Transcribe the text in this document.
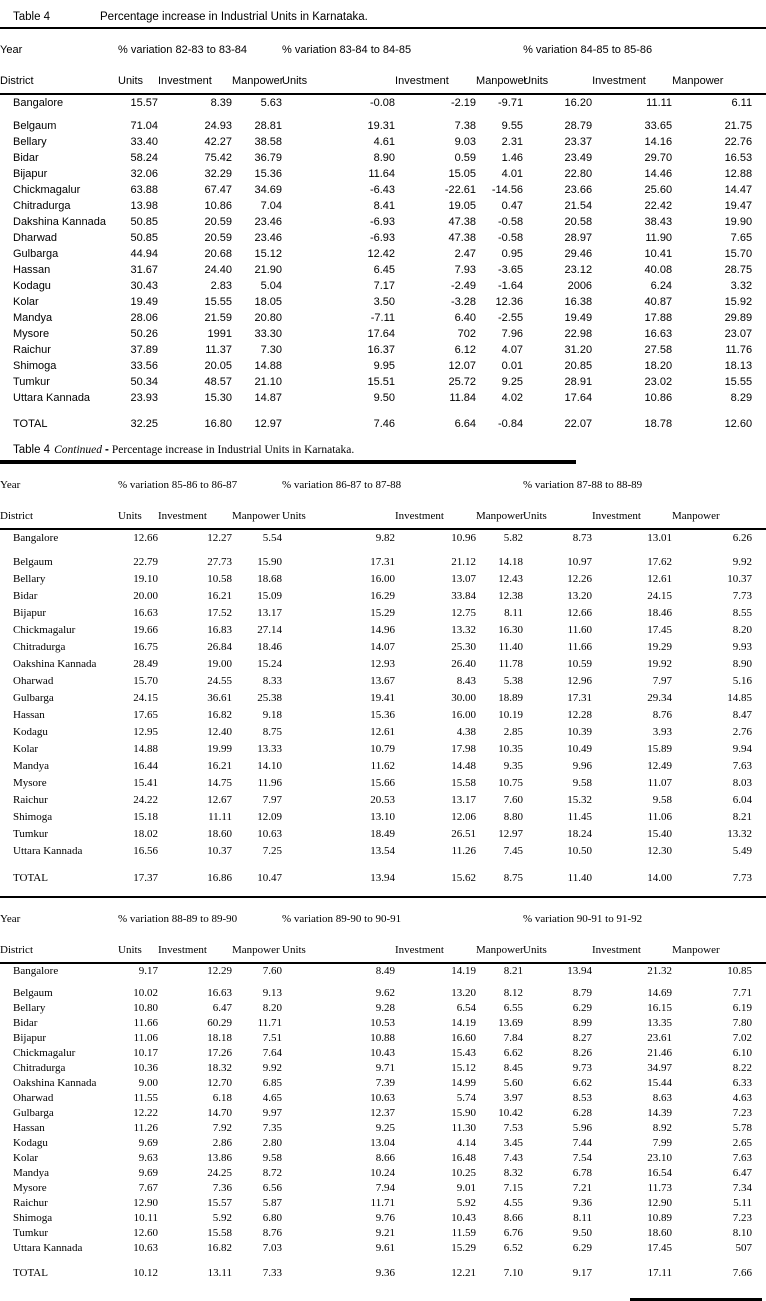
Table 4	Percentage increase in Industrial Units in Karnataka.
Year	% variation 82-83 to 83-84			% variation 83-84 to 84-85			% variation 84-85 to 85-86		
District	Units	Investment	Manpower	Units	Investment	Manpower	Units	Investment	Manpower
Bangalore	15.57	8.39	5.63	-0.08	-2.19	-9.71	16.20	11.11	6.11
Belgaum	71.04	24.93	28.81	19.31	7.38	9.55	28.79	33.65	21.75
Bellary	33.40	42.27	38.58	4.61	9.03	2.31	23.37	14.16	22.76
Bidar	58.24	75.42	36.79	8.90	0.59	1.46	23.49	29.70	16.53
Bijapur	32.06	32.29	15.36	11.64	15.05	4.01	22.80	14.46	12.88
Chickmagalur	63.88	67.47	34.69	-6.43	-22.61	-14.56	23.66	25.60	14.47
Chitradurga	13.98	10.86	7.04	8.41	19.05	0.47	21.54	22.42	19.47
Dakshina Kannada	50.85	20.59	23.46	-6.93	47.38	-0.58	20.58	38.43	19.90
Dharwad	50.85	20.59	23.46	-6.93	47.38	-0.58	28.97	11.90	7.65
Gulbarga	44.94	20.68	15.12	12.42	2.47	0.95	29.46	10.41	15.70
Hassan	31.67	24.40	21.90	6.45	7.93	-3.65	23.12	40.08	28.75
Kodagu	30.43	2.83	5.04	7.17	-2.49	-1.64	2006	6.24	3.32
Kolar	19.49	15.55	18.05	3.50	-3.28	12.36	16.38	40.87	15.92
Mandya	28.06	21.59	20.80	-7.11	6.40	-2.55	19.49	17.88	29.89
Mysore	50.26	1991	33.30	17.64	702	7.96	22.98	16.63	23.07
Raichur	37.89	11.37	7.30	16.37	6.12	4.07	31.20	27.58	11.76
Shimoga	33.56	20.05	14.88	9.95	12.07	0.01	20.85	18.20	18.13
Tumkur	50.34	48.57	21.10	15.51	25.72	9.25	28.91	23.02	15.55
Uttara Kannada	23.93	15.30	14.87	9.50	11.84	4.02	17.64	10.86	8.29
TOTAL	32.25	16.80	12.97	7.46	6.64	-0.84	22.07	18.78	12.60
Table 4 Continued - Percentage increase in Industrial Units in Karnataka.
Year	% variation 85-86 to 86-87			% variation 86-87 to 87-88			% variation 87-88 to 88-89		
District	Units	Investment	Manpower	Units	Investment	Manpower	Units	Investment	Manpower
Bangalore	12.66	12.27	5.54	9.82	10.96	5.82	8.73	13.01	6.26
Belgaum	22.79	27.73	15.90	17.31	21.12	14.18	10.97	17.62	9.92
Bellary	19.10	10.58	18.68	16.00	13.07	12.43	12.26	12.61	10.37
Bidar	20.00	16.21	15.09	16.29	33.84	12.38	13.20	24.15	7.73
Bijapur	16.63	17.52	13.17	15.29	12.75	8.11	12.66	18.46	8.55
Chickmagalur	19.66	16.83	27.14	14.96	13.32	16.30	11.60	17.45	8.20
Chitradurga	16.75	26.84	18.46	14.07	25.30	11.40	11.66	19.29	9.93
Oakshina Kannada	28.49	19.00	15.24	12.93	26.40	11.78	10.59	19.92	8.90
Oharwad	15.70	24.55	8.33	13.67	8.43	5.38	12.96	7.97	5.16
Gulbarga	24.15	36.61	25.38	19.41	30.00	18.89	17.31	29.34	14.85
Hassan	17.65	16.82	9.18	15.36	16.00	10.19	12.28	8.76	8.47
Kodagu	12.95	12.40	8.75	12.61	4.38	2.85	10.39	3.93	2.76
Kolar	14.88	19.99	13.33	10.79	17.98	10.35	10.49	15.89	9.94
Mandya	16.44	16.21	14.10	11.62	14.48	9.35	9.96	12.49	7.63
Mysore	15.41	14.75	11.96	15.66	15.58	10.75	9.58	11.07	8.03
Raichur	24.22	12.67	7.97	20.53	13.17	7.60	15.32	9.58	6.04
Shimoga	15.18	11.11	12.09	13.10	12.06	8.80	11.45	11.06	8.21
Tumkur	18.02	18.60	10.63	18.49	26.51	12.97	18.24	15.40	13.32
Uttara Kannada	16.56	10.37	7.25	13.54	11.26	7.45	10.50	12.30	5.49
TOTAL	17.37	16.86	10.47	13.94	15.62	8.75	11.40	14.00	7.73
Year	% variation 88-89 to 89-90			% variation 89-90 to 90-91			% variation 90-91 to 91-92		
District	Units	Investment	Manpower	Units	Investment	Manpower	Units	Investment	Manpower
Bangalore	9.17	12.29	7.60	8.49	14.19	8.21	13.94	21.32	10.85
Belgaum	10.02	16.63	9.13	9.62	13.20	8.12	8.79	14.69	7.71
Bellary	10.80	6.47	8.20	9.28	6.54	6.55	6.29	16.15	6.19
Bidar	11.66	60.29	11.71	10.53	14.19	13.69	8.99	13.35	7.80
Bijapur	11.06	18.18	7.51	10.88	16.60	7.84	8.27	23.61	7.02
Chickmagalur	10.17	17.26	7.64	10.43	15.43	6.62	8.26	21.46	6.10
Chitradurga	10.36	18.32	9.92	9.71	15.12	8.45	9.73	34.97	8.22
Oakshina Kannada	9.00	12.70	6.85	7.39	14.99	5.60	6.62	15.44	6.33
Oharwad	11.55	6.18	4.65	10.63	5.74	3.97	8.53	8.63	4.63
Gulbarga	12.22	14.70	9.97	12.37	15.90	10.42	6.28	14.39	7.23
Hassan	11.26	7.92	7.35	9.25	11.30	7.53	5.96	8.92	5.78
Kodagu	9.69	2.86	2.80	13.04	4.14	3.45	7.44	7.99	2.65
Kolar	9.63	13.86	9.58	8.66	16.48	7.43	7.54	23.10	7.63
Mandya	9.69	24.25	8.72	10.24	10.25	8.32	6.78	16.54	6.47
Mysore	7.67	7.36	6.56	7.94	9.01	7.15	7.21	11.73	7.34
Raichur	12.90	15.57	5.87	11.71	5.92	4.55	9.36	12.90	5.11
Shimoga	10.11	5.92	6.80	9.76	10.43	8.66	8.11	10.89	7.23
Tumkur	12.60	15.58	8.76	9.21	11.59	6.76	9.50	18.60	8.10
Uttara Kannada	10.63	16.82	7.03	9.61	15.29	6.52	6.29	17.45	507
TOTAL	10.12	13.11	7.33	9.36	12.21	7.10	9.17	17.11	7.66
